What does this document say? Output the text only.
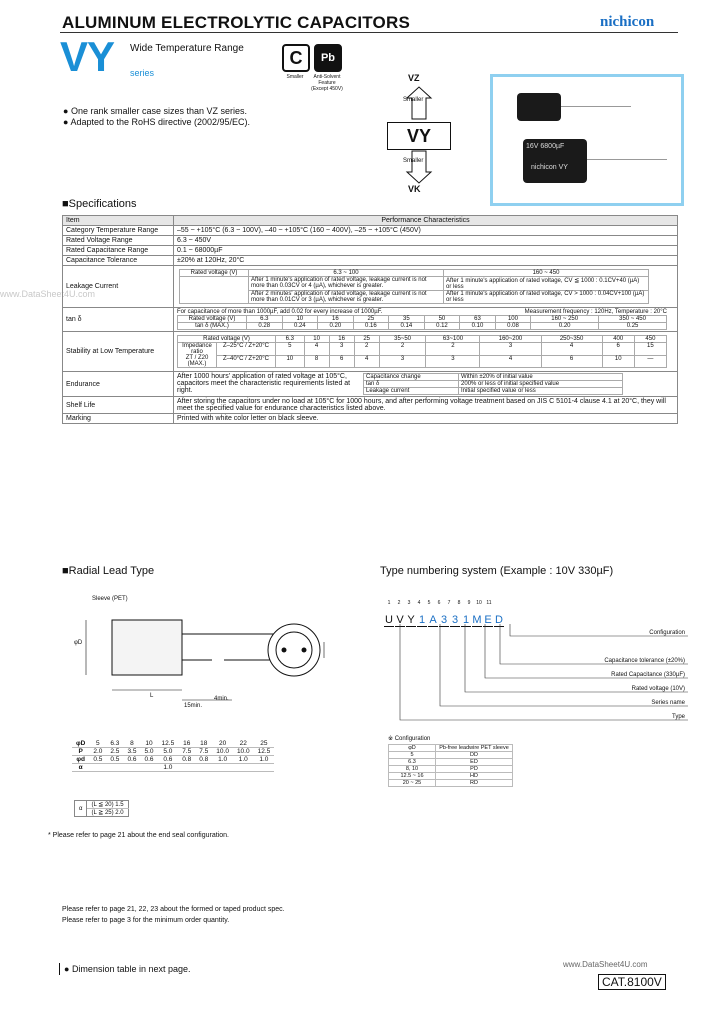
ALUMINUM ELECTROLYTIC CAPACITORS	nichicon
VY Wide Temperature Range
series
C
Smaller
Pb
Anti-Solvent Feature (Except 450V)
● One rank smaller case sizes than VZ series.
● Adapted to the RoHS directive (2002/95/EC).
VZ
Smaller
VY
Smaller
VK
16V 6800µF
nichicon VY
www.DataSheet4U.com
■Specifications
Item	Performance Characteristics
Category Temperature Range	–55 ~ +105°C (6.3 ~ 100V), –40 ~ +105°C (160 ~ 400V), –25 ~ +105°C (450V)
Rated Voltage Range	6.3 ~ 450V
Rated Capacitance Range	0.1 ~ 68000µF
Capacitance Tolerance	±20% at 120Hz, 20°C
Leakage Current	
Rated voltage (V)	6.3 ~ 100	160 ~ 450
	After 1 minute's application of rated voltage, leakage current is not more than 0.03CV or 4 (µA), whichever is greater.	After 1 minute's application of rated voltage, CV ≦ 1000 : 0.1CV+40 (µA) or less
After 2 minutes' application of rated voltage, leakage current is not more than 0.01CV or 3 (µA), whichever is greater.	After 1 minute's application of rated voltage, CV > 1000 : 0.04CV+100 (µA) or less

tan δ	
For capacitance of more than 1000µF, add 0.02 for every increase of 1000µF.	Measurement frequency : 120Hz, Temperature : 20°C
Rated voltage (V)	6.3	10	16	25	35	50	63	100	160 ~ 250	350 ~ 450
tan δ (MAX.)	0.28	0.24	0.20	0.16	0.14	0.12	0.10	0.08	0.20	0.25

Stability at Low Temperature	
Rated voltage (V)	6.3	10	16	25	35~50	63~100	160~200	250~350	400	450

Impedance ratio
ZT / Z20 (MAX.)
	Z–25°C / Z+20°C	5	4	3	2	2	2	3	4	6	15
Z–40°C / Z+20°C	10	8	6	4	3	3	4	6	10	—

Endurance	
After 1000 hours' application of rated voltage at 105°C, capacitors meet the characteristic requirements listed at right.
Capacitance change	Within ±20% of initial value
tan δ	200% or less of initial specified value
Leakage current	Initial specified value or less

Shelf Life	After storing the capacitors under no load at 105°C for 1000 hours, and after performing voltage treatment based on JIS C 5101-4 clause 4.1 at 20°C, they will meet the specified value for endurance characteristics listed above.
Marking	Printed with white color letter on black sleeve.
■Radial Lead Type
Sleeve (PET)
φD
L
15min.
4min.
φD	5	6.3	8	10	12.5	16	18	20	22	25
P	2.0	2.5	3.5	5.0	5.0	7.5	7.5	10.0	10.0	12.5
φd	0.5	0.5	0.6	0.6	0.6	0.8	0.8	1.0	1.0	1.0
α					1.0					
α	(L ≦ 20) 1.5
(L ≧ 25) 2.0
* Please refer to page 21 about the end seal configuration.
Type numbering system (Example : 10V 330µF)
1 2 3 4 5 6 7 8 9 10 11
U V Y 1 A 3 3 1 M E D
Configuration
Capacitance tolerance (±20%)
Rated Capacitance (330µF)
Rated voltage (10V)
Series name
Type
※ Configuration
φD	Pb-free leadwire PET sleeve
5	DD
6.3	ED
8, 10	PD
12.5 ~ 16	HD
20 ~ 25	RD
Please refer to page 21, 22, 23 about the formed or taped product spec.
Please refer to page 3 for the minimum order quantity.
● Dimension table in next page.	www.DataSheet4U.com
CAT.8100V
